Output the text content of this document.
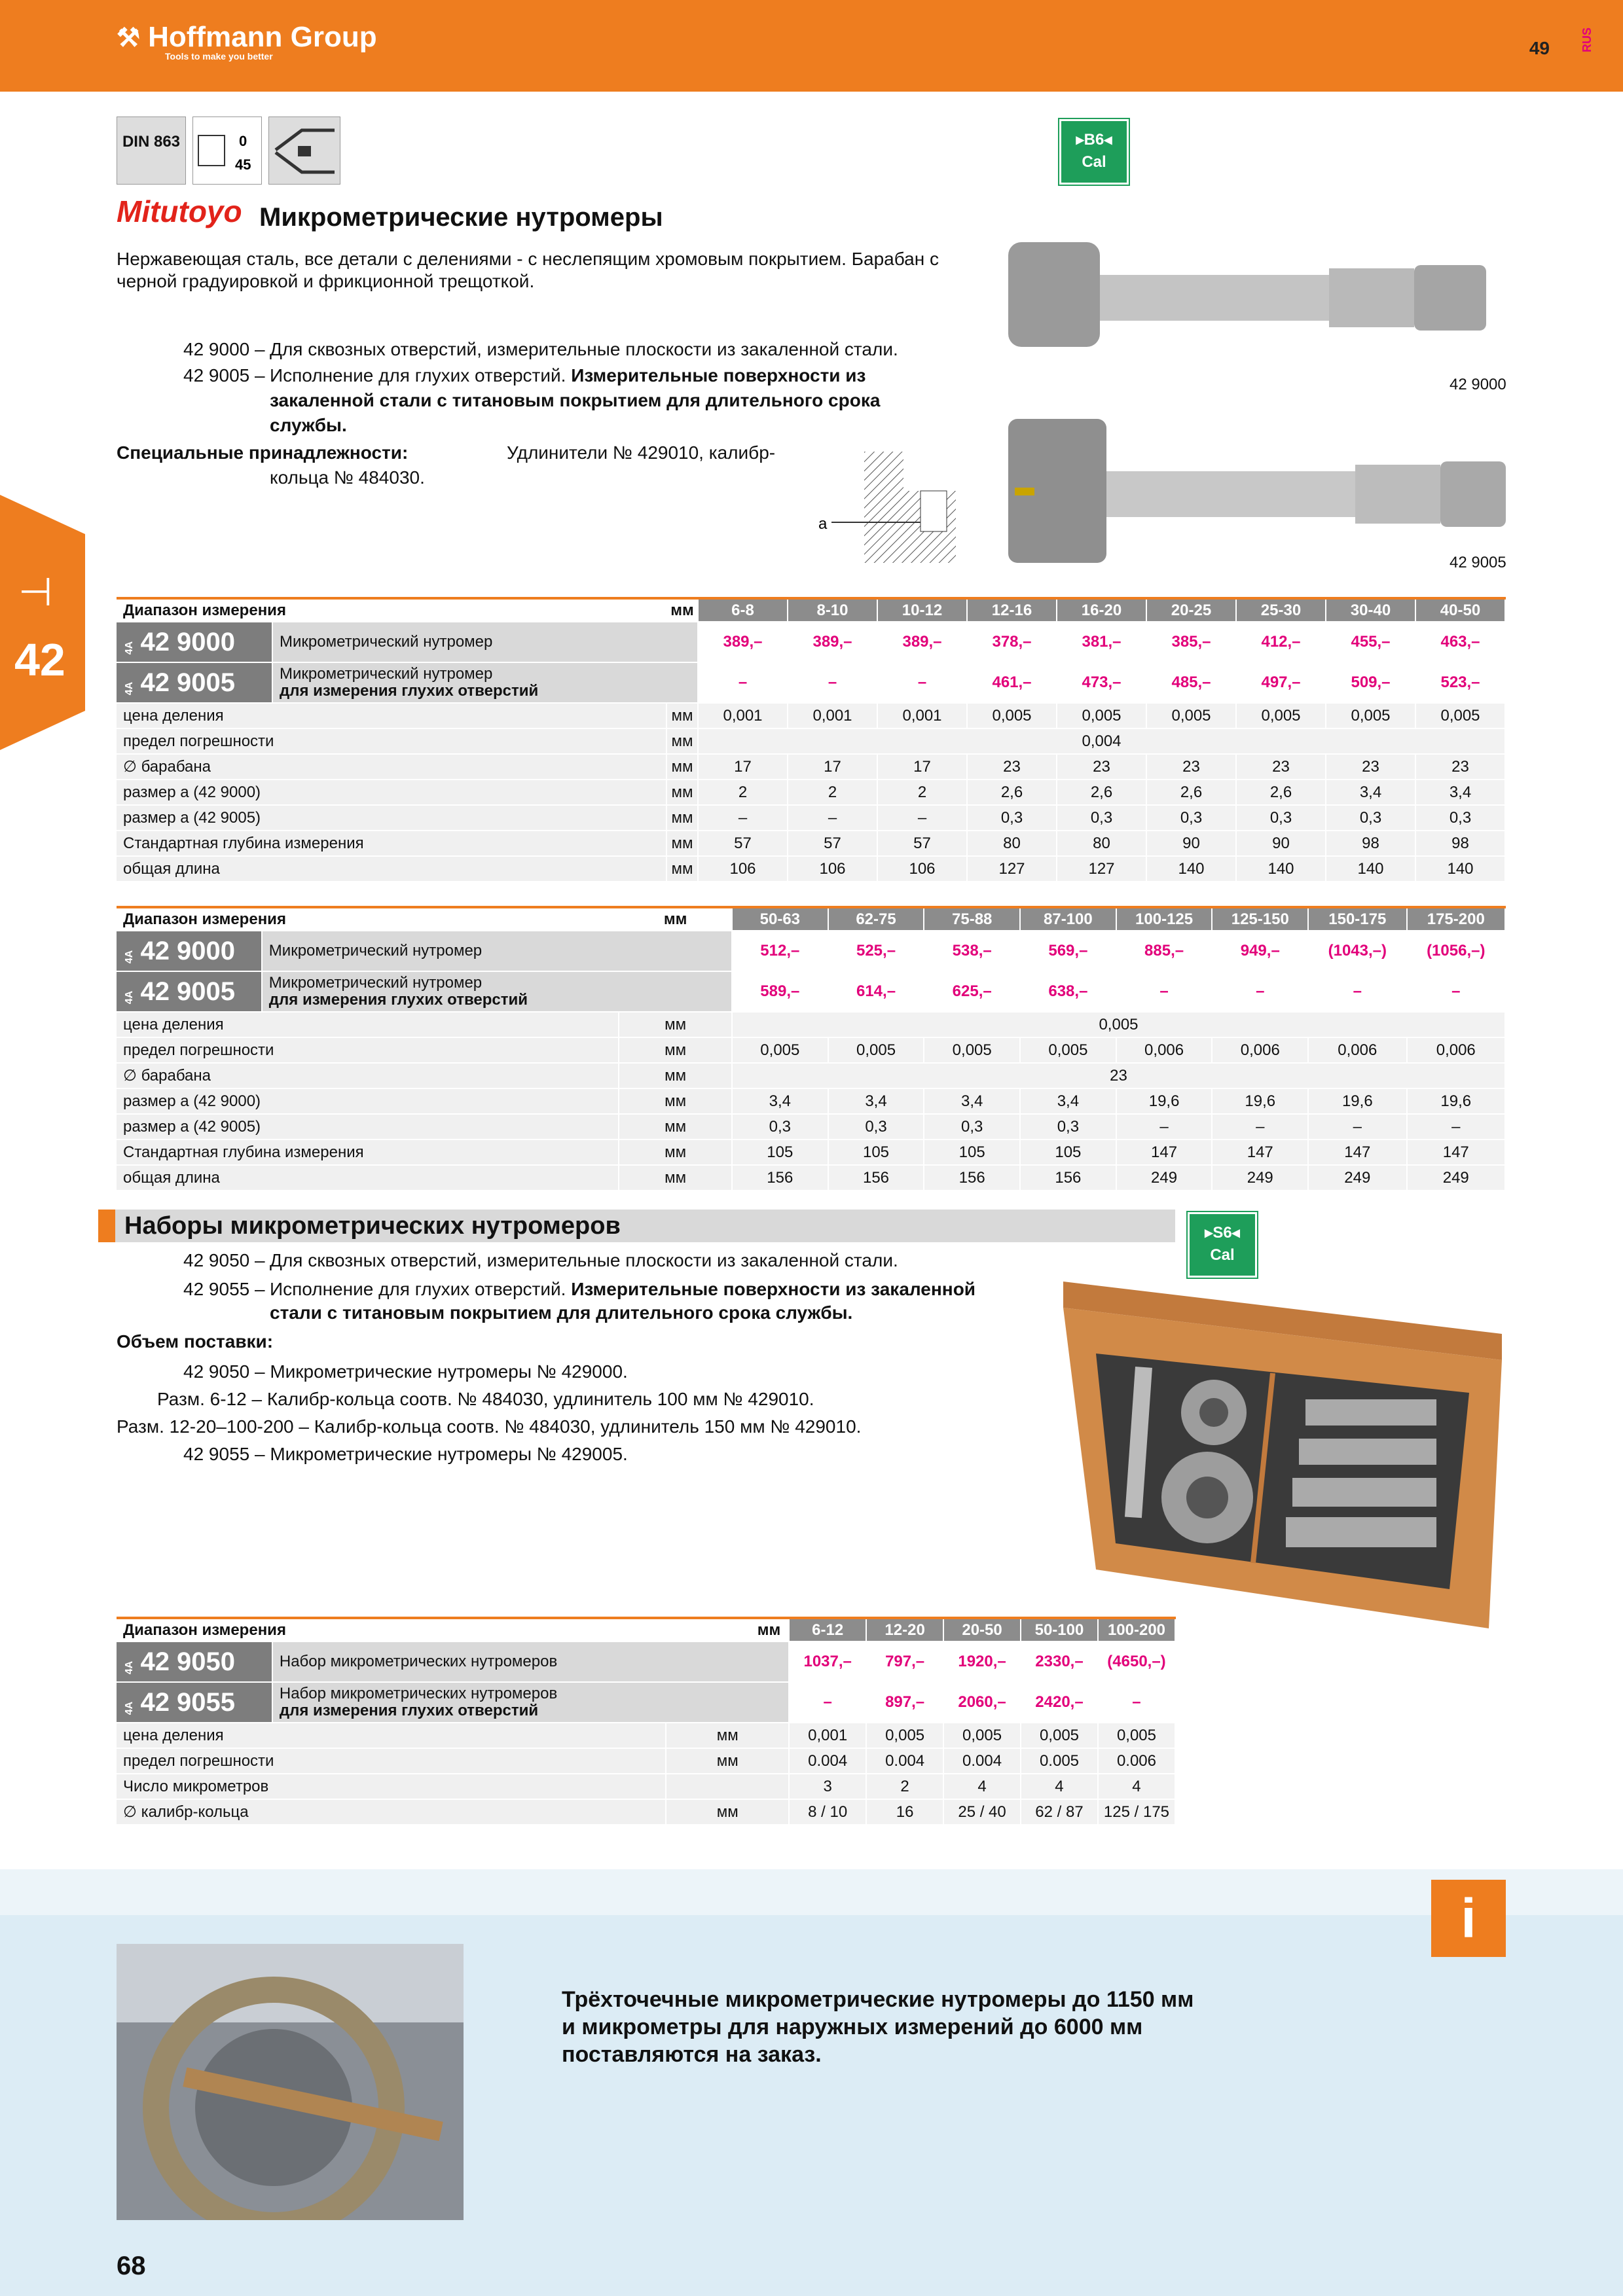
⚒ Hoffmann Group
Tools to make you better	49	RUS
⊣
42
DIN 863	0
45
▸B6◂
Cal
Mitutoyo Микрометрические нутромеры
Нержавеющая сталь, все детали с делениями - с неслепящим хромовым покрытием. Барабан с
черной градуировкой и фрикционной трещоткой.
42 9000 – Для сквозных отверстий, измерительные плоскости из закаленной стали.
42 9005 – Исполнение для глухих отверстий. Измерительные поверхности из
закаленной стали с титановым покрытием для длительного срока
службы.
Специальные принадлежности:	Удлинители № 429010, калибр-
кольца № 484030.
a
42 9000
42 9005
Диапазон измерения		мм	6-8	8-10	10-12	12-16	16-20	20-25	25-30	30-40	40-50
4A 42 9000	Микрометрический нутромер		389,–	389,–	389,–	378,–	381,–	385,–	412,–	455,–	463,–
4A 42 9005	Микрометрический нутромер
для измерения глухих отверстий		–	–	–	461,–	473,–	485,–	497,–	509,–	523,–
цена деления		мм	0,001	0,001	0,001	0,005	0,005	0,005	0,005	0,005	0,005
предел погрешности		мм	0,004								
∅ барабана		мм	17	17	17	23	23	23	23	23	23
размер a (42 9000)		мм	2	2	2	2,6	2,6	2,6	2,6	3,4	3,4
размер a (42 9005)		мм	–	–	–	0,3	0,3	0,3	0,3	0,3	0,3
Стандартная глубина измерения		мм	57	57	57	80	80	90	90	98	98
общая длина		мм	106	106	106	127	127	140	140	140	140
Диапазон измерения		мм	50-63	62-75	75-88	87-100	100-125	125-150	150-175	175-200
4A 42 9000	Микрометрический нутромер		512,–	525,–	538,–	569,–	885,–	949,–	(1043,–)	(1056,–)
4A 42 9005	Микрометрический нутромер
для измерения глухих отверстий		589,–	614,–	625,–	638,–	–	–	–	–
цена деления		мм	0,005							
предел погрешности		мм	0,005	0,005	0,005	0,005	0,006	0,006	0,006	0,006
∅ барабана		мм	23							
размер a (42 9000)		мм	3,4	3,4	3,4	3,4	19,6	19,6	19,6	19,6
размер a (42 9005)		мм	0,3	0,3	0,3	0,3	–	–	–	–
Стандартная глубина измерения		мм	105	105	105	105	147	147	147	147
общая длина		мм	156	156	156	156	249	249	249	249
Наборы микрометрических нутромеров	▸S6◂
Cal
42 9050 – Для сквозных отверстий, измерительные плоскости из закаленной стали.
42 9055 – Исполнение для глухих отверстий. Измерительные поверхности из закаленной
стали с титановым покрытием для длительного срока службы.
Объем поставки:
42 9050 – Микрометрические нутромеры № 429000.
Разм. 6-12 – Калибр-кольца соотв. № 484030, удлинитель 100 мм № 429010.
Разм. 12-20–100-200 – Калибр-кольца соотв. № 484030, удлинитель 150 мм № 429010.
42 9055 – Микрометрические нутромеры № 429005.
Диапазон измерения		мм	6-12	12-20	20-50	50-100	100-200
4A 42 9050	Набор микрометрических нутромеров		1037,–	797,–	1920,–	2330,–	(4650,–)
4A 42 9055	Набор микрометрических нутромеров
для измерения глухих отверстий		–	897,–	2060,–	2420,–	–
цена деления		мм	0,001	0,005	0,005	0,005	0,005
предел погрешности		мм	0.004	0.004	0.004	0.005	0.006
Число микрометров			3	2	4	4	4
∅ калибр-кольца		мм	8 / 10	16	25 / 40	62 / 87	125 / 175
i
Трёхточечные микрометрические нутромеры до 1150 мм
и микрометры для наружных измерений до 6000 мм
поставляются на заказ.
68
